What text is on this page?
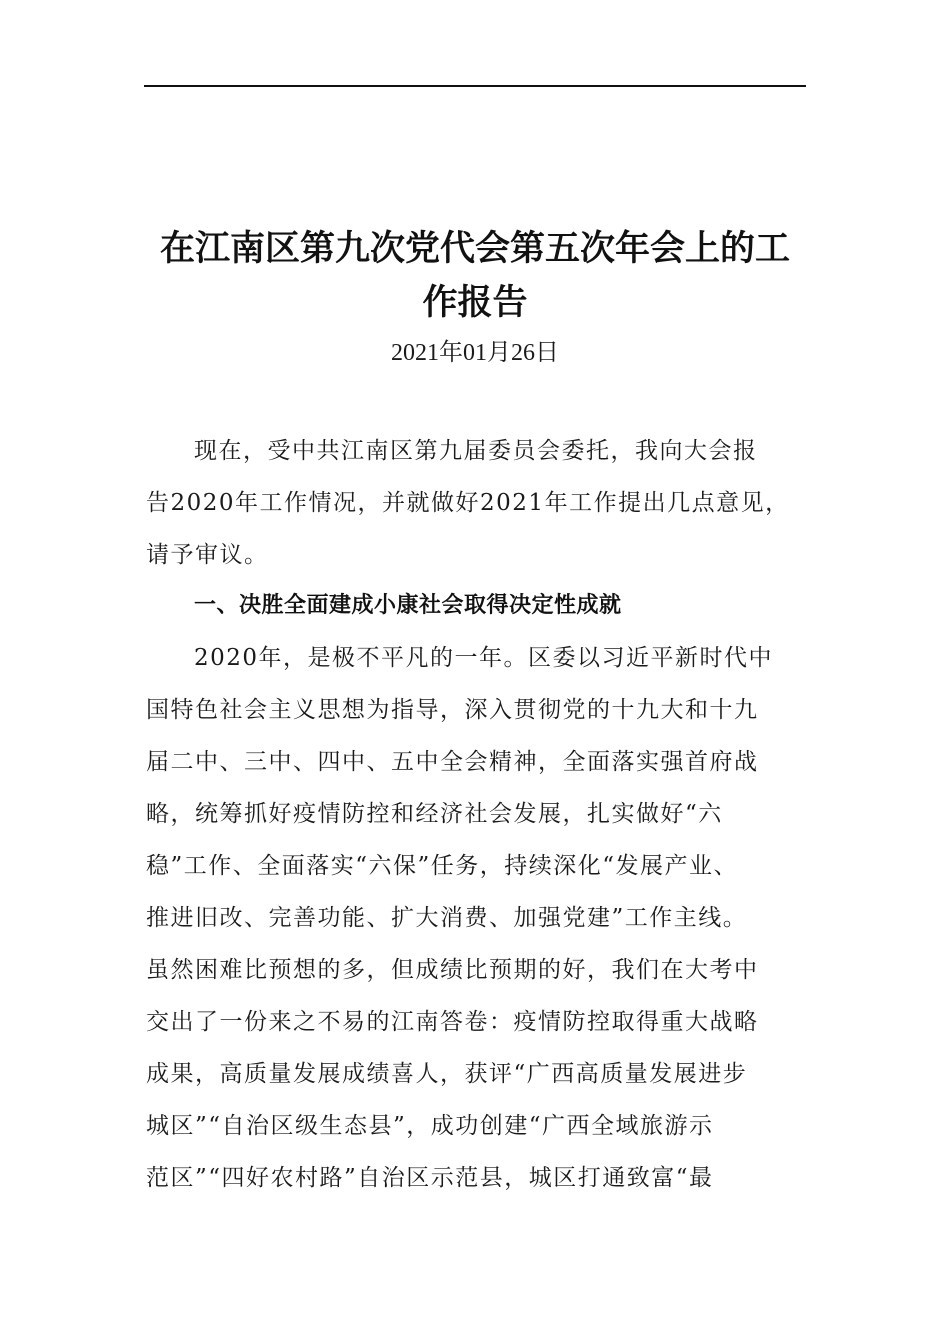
在江南区第九次党代会第五次年会上的工
作报告
2021年01月26日
现在，受中共江南区第九届委员会委托，我向大会报
告2020年工作情况，并就做好2021年工作提出几点意见，
请予审议。
一、决胜全面建成小康社会取得决定性成就
2020年，是极不平凡的一年。区委以习近平新时代中
国特色社会主义思想为指导，深入贯彻党的十九大和十九
届二中、三中、四中、五中全会精神，全面落实强首府战
略，统筹抓好疫情防控和经济社会发展，扎实做好“六
稳”工作、全面落实“六保”任务，持续深化“发展产业、
推进旧改、完善功能、扩大消费、加强党建”工作主线。
虽然困难比预想的多，但成绩比预期的好，我们在大考中
交出了一份来之不易的江南答卷：疫情防控取得重大战略
成果，高质量发展成绩喜人，获评“广西高质量发展进步
城区”“自治区级生态县”，成功创建“广西全域旅游示
范区”“四好农村路”自治区示范县，城区打通致富“最
